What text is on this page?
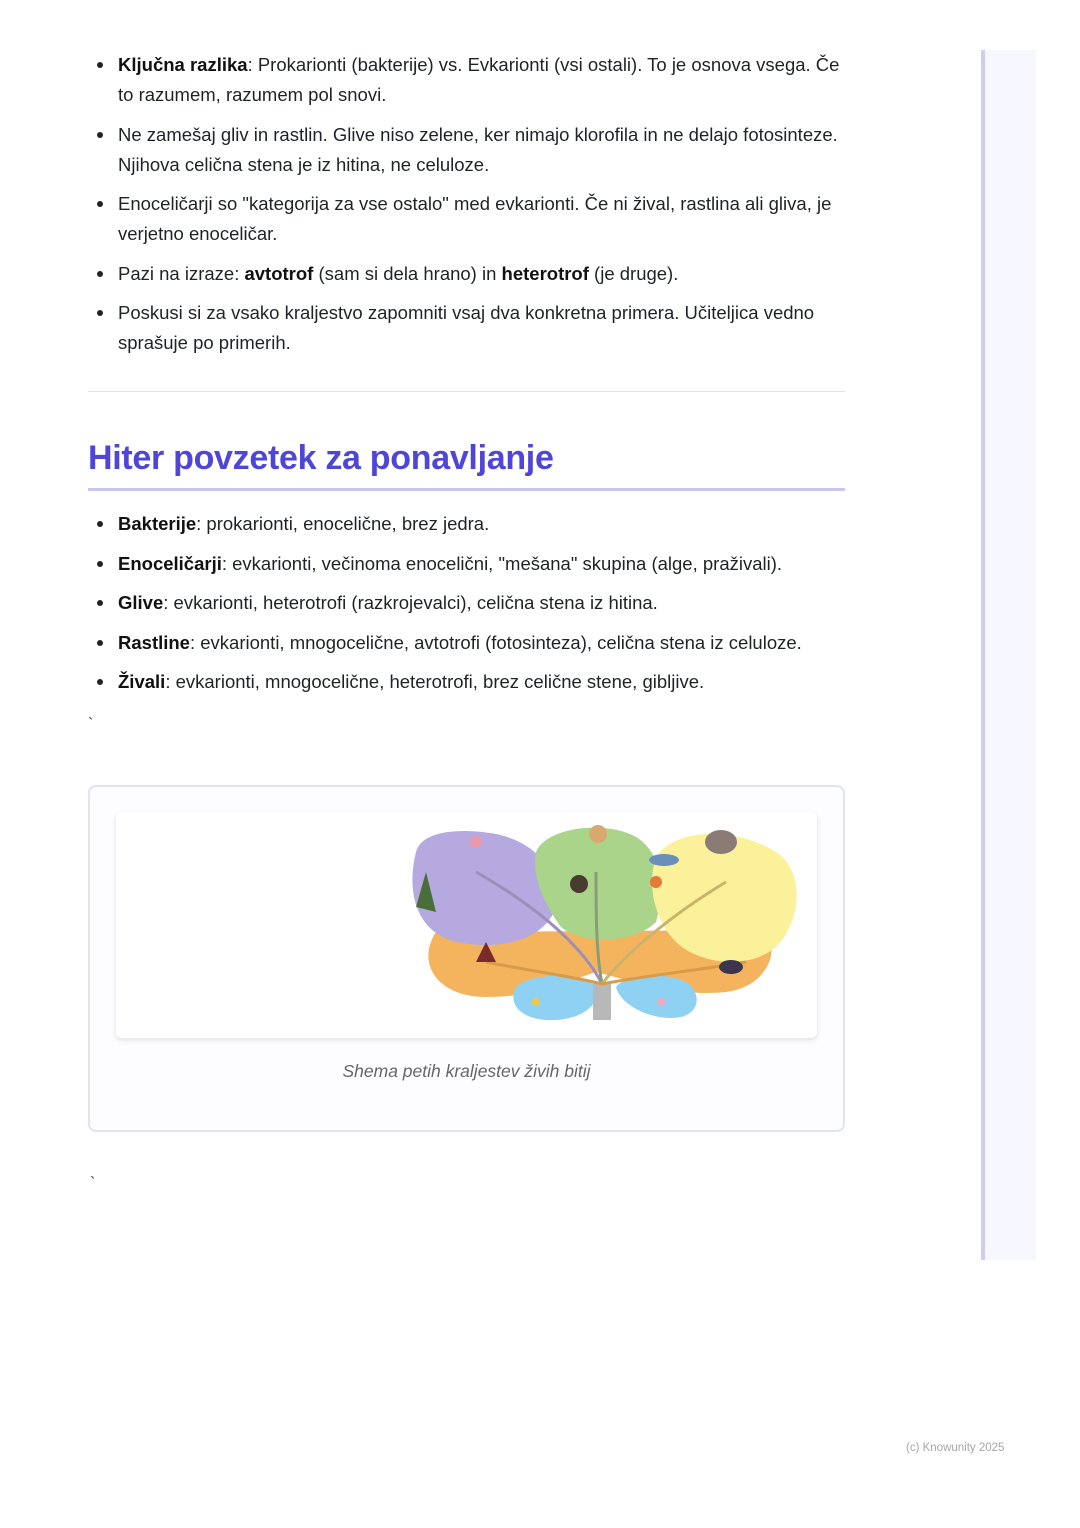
Ključna razlika: Prokarionti (bakterije) vs. Evkarionti (vsi ostali). To je osnova vsega. Če to razumem, razumem pol snovi.
Ne zamešaj gliv in rastlin. Glive niso zelene, ker nimajo klorofila in ne delajo fotosinteze. Njihova celična stena je iz hitina, ne celuloze.
Enoceličarji so "kategorija za vse ostalo" med evkarionti. Če ni žival, rastlina ali gliva, je verjetno enoceličar.
Pazi na izraze: avtotrof (sam si dela hrano) in heterotrof (je druge).
Poskusi si za vsako kraljestvo zapomniti vsaj dva konkretna primera. Učiteljica vedno sprašuje po primerih.
Hiter povzetek za ponavljanje
Bakterije: prokarionti, enocelične, brez jedra.
Enoceličarji: evkarionti, večinoma enocelični, "mešana" skupina (alge, praživali).
Glive: evkarionti, heterotrofi (razkrojevalci), celična stena iz hitina.
Rastline: evkarionti, mnogocelične, avtotrofi (fotosinteza), celična stena iz celuloze.
Živali: evkarionti, mnogocelične, heterotrofi, brez celične stene, gibljive.
`
Shema petih kraljestev živih bitij
`
(c) Knowunity 2025
